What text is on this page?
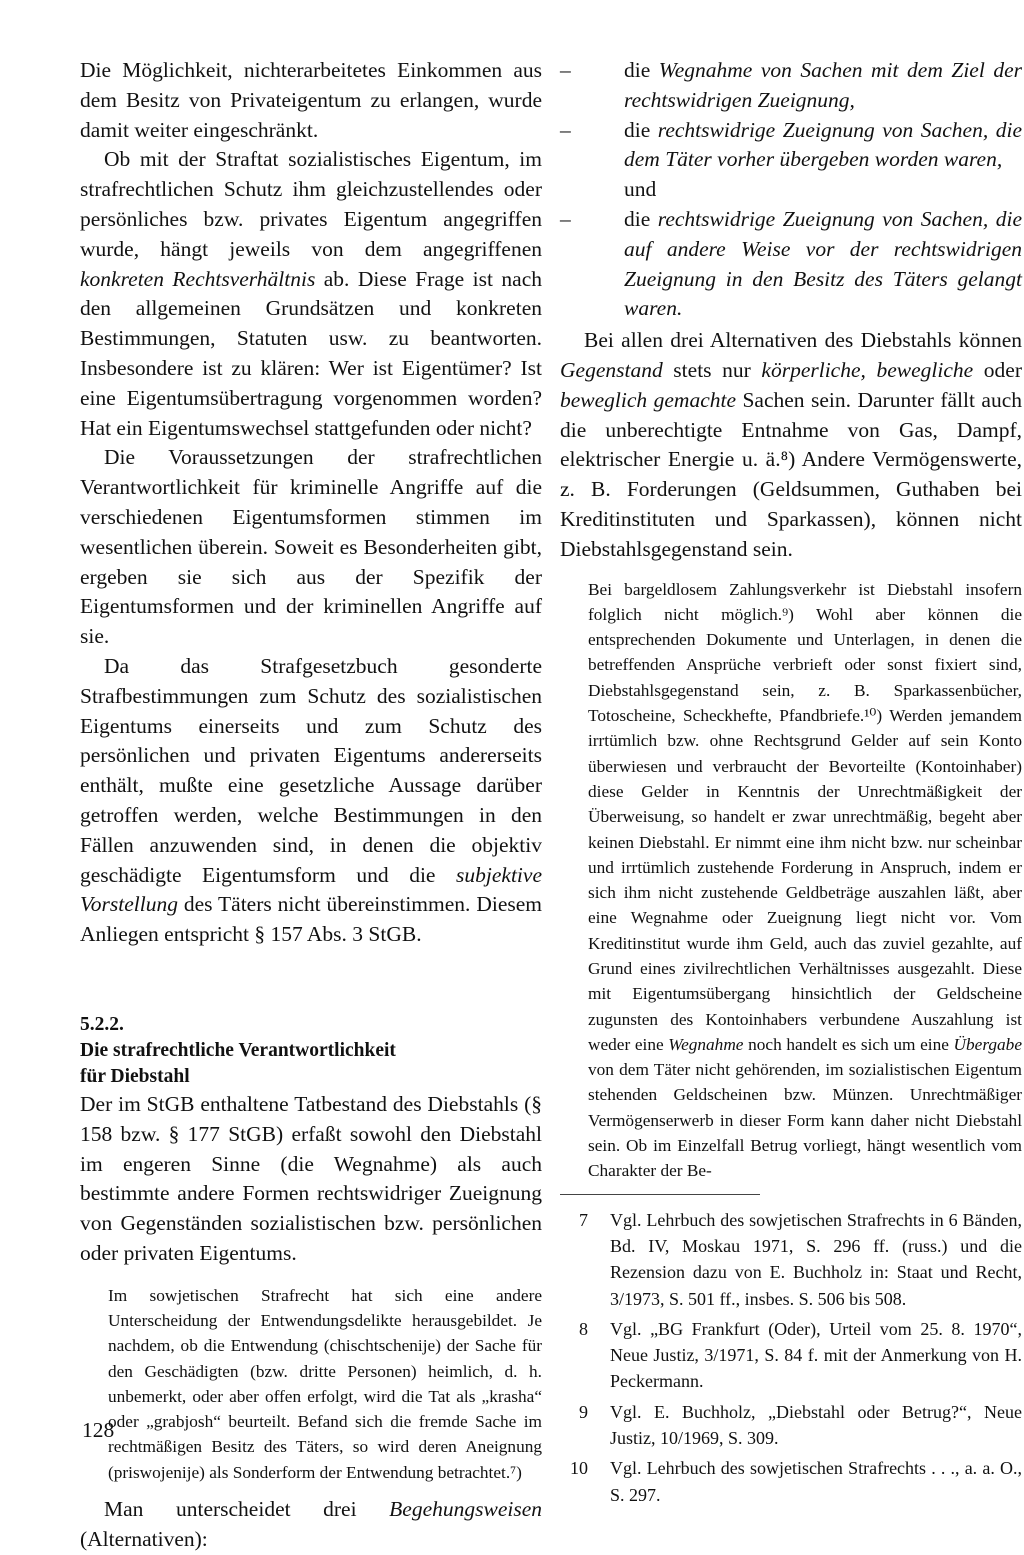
Die Möglichkeit, nichterarbeitetes Einkommen aus dem Besitz von Privateigentum zu erlangen, wurde damit weiter eingeschränkt.

Ob mit der Straftat sozialistisches Eigentum, im strafrechtlichen Schutz ihm gleichzustellendes oder persönliches bzw. privates Eigentum angegriffen wurde, hängt jeweils von dem angegriffenen konkreten Rechtsverhältnis ab. Diese Frage ist nach den allgemeinen Grundsätzen und konkreten Bestimmungen, Statuten usw. zu beantworten. Insbesondere ist zu klären: Wer ist Eigentümer? Ist eine Eigentumsübertragung vorgenommen worden? Hat ein Eigentumswechsel stattgefunden oder nicht?

Die Voraussetzungen der strafrechtlichen Verantwortlichkeit für kriminelle Angriffe auf die verschiedenen Eigentumsformen stimmen im wesentlichen überein. Soweit es Besonderheiten gibt, ergeben sie sich aus der Spezifik der Eigentumsformen und der kriminellen Angriffe auf sie.

Da das Strafgesetzbuch gesonderte Strafbestimmungen zum Schutz des sozialistischen Eigentums einerseits und zum Schutz des persönlichen und privaten Eigentums andererseits enthält, mußte eine gesetzliche Aussage darüber getroffen werden, welche Bestimmungen in den Fällen anzuwenden sind, in denen die objektiv geschädigte Eigentumsform und die subjektive Vorstellung des Täters nicht übereinstimmen. Diesem Anliegen entspricht § 157 Abs. 3 StGB.

5.2.2.

Die strafrechtliche Verantwortlichkeit

für Diebstahl

Der im StGB enthaltene Tatbestand des Diebstahls (§ 158 bzw. § 177 StGB) erfaßt sowohl den Diebstahl im engeren Sinne (die Wegnahme) als auch bestimmte andere Formen rechtswidriger Zueignung von Gegenständen sozialistischen bzw. persönlichen oder privaten Eigentums.

Im sowjetischen Strafrecht hat sich eine andere Unterscheidung der Entwendungsdelikte herausgebildet. Je nachdem, ob die Entwendung (chischtschenije) der Sache für den Geschädigten (bzw. dritte Personen) heimlich, d. h. unbemerkt, oder aber offen erfolgt, wird die Tat als „krasha“ oder „grabjosh“ beurteilt. Befand sich die fremde Sache im rechtmäßigen Besitz des Täters, so wird deren Aneignung (priswojenije) als Sonderform der Entwendung betrachtet.⁷)

Man unterscheidet drei Begehungsweisen (Alternativen):

– die Wegnahme von Sachen mit dem Ziel der rechtswidrigen Zueignung,
– die rechtswidrige Zueignung von Sachen, die dem Täter vorher übergeben worden waren,
und
– die rechtswidrige Zueignung von Sachen, die auf andere Weise vor der rechtswidrigen Zueignung in den Besitz des Täters gelangt waren.

Bei allen drei Alternativen des Diebstahls können Gegenstand stets nur körperliche, bewegliche oder beweglich gemachte Sachen sein. Darunter fällt auch die unberechtigte Entnahme von Gas, Dampf, elektrischer Energie u. ä.⁸) Andere Vermögenswerte, z. B. Forderungen (Geldsummen, Guthaben bei Kreditinstituten und Sparkassen), können nicht Diebstahlsgegenstand sein.

Bei bargeldlosem Zahlungsverkehr ist Diebstahl insofern folglich nicht möglich.⁹) Wohl aber können die entsprechenden Dokumente und Unterlagen, in denen die betreffenden Ansprüche verbrieft oder sonst fixiert sind, Diebstahlsgegenstand sein, z. B. Sparkassenbücher, Totoscheine, Scheckhefte, Pfandbriefe.¹⁰) Werden jemandem irrtümlich bzw. ohne Rechtsgrund Gelder auf sein Konto überwiesen und verbraucht der Bevorteilte (Kontoinhaber) diese Gelder in Kenntnis der Unrechtmäßigkeit der Überweisung, so handelt er zwar unrechtmäßig, begeht aber keinen Diebstahl. Er nimmt eine ihm nicht bzw. nur scheinbar und irrtümlich zustehende Forderung in Anspruch, indem er sich ihm nicht zustehende Geldbeträge auszahlen läßt, aber eine Wegnahme oder Zueignung liegt nicht vor. Vom Kreditinstitut wurde ihm Geld, auch das zuviel gezahlte, auf Grund eines zivilrechtlichen Verhältnisses ausgezahlt. Diese mit Eigentumsübergang hinsichtlich der Geldscheine zugunsten des Kontoinhabers verbundene Auszahlung ist weder eine Wegnahme noch handelt es sich um eine Übergabe von dem Täter nicht gehörenden, im sozialistischen Eigentum stehenden Geldscheinen bzw. Münzen. Unrechtmäßiger Vermögenserwerb in dieser Form kann daher nicht Diebstahl sein. Ob im Einzelfall Betrug vorliegt, hängt wesentlich vom Charakter der Be-

7 Vgl. Lehrbuch des sowjetischen Strafrechts in 6 Bänden, Bd. IV, Moskau 1971, S. 296 ff. (russ.) und die Rezension dazu von E. Buchholz in: Staat und Recht, 3/1973, S. 501 ff., insbes. S. 506 bis 508.
8 Vgl. „BG Frankfurt (Oder), Urteil vom 25. 8. 1970“, Neue Justiz, 3/1971, S. 84 f. mit der Anmerkung von H. Peckermann.
9 Vgl. E. Buchholz, „Diebstahl oder Betrug?“, Neue Justiz, 10/1969, S. 309.
10 Vgl. Lehrbuch des sowjetischen Strafrechts . . ., a. a. O., S. 297.
128
